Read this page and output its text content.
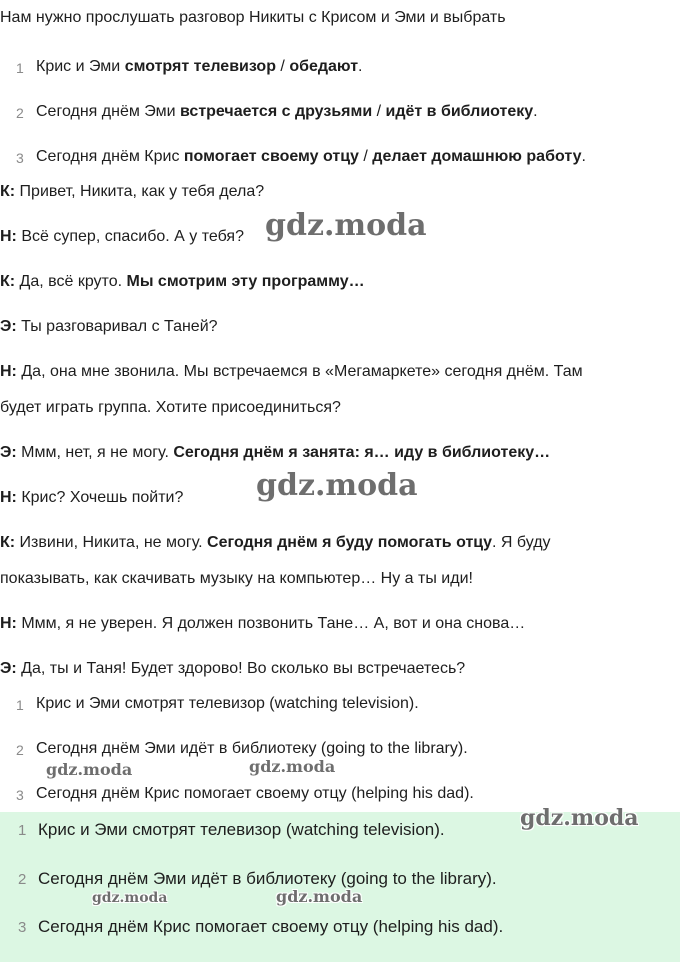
Нам нужно прослушать разговор Никиты с Крисом и Эми и выбрать
1 Крис и Эми смотрят телевизор / обедают.
2 Сегодня днём Эми встречается с друзьями / идёт в библиотеку.
3 Сегодня днём Крис помогает своему отцу / делает домашнюю работу.
К: Привет, Никита, как у тебя дела?
Н: Всё супер, спасибо. А у тебя?
К: Да, всё круто. Мы смотрим эту программу…
Э: Ты разговаривал с Таней?
Н: Да, она мне звонила. Мы встречаемся в «Мегамаркете» сегодня днём. Там
будет играть группа. Хотите присоединиться?
Э: Ммм, нет, я не могу. Сегодня днём я занята: я… иду в библиотеку…
Н: Крис? Хочешь пойти?
К: Извини, Никита, не могу. Сегодня днём я буду помогать отцу. Я буду
показывать, как скачивать музыку на компьютер… Ну а ты иди!
Н: Ммм, я не уверен. Я должен позвонить Тане… А, вот и она снова…
Э: Да, ты и Таня! Будет здорово! Во сколько вы встречаетесь?
1 Крис и Эми смотрят телевизор (watching television).
2 Сегодня днём Эми идёт в библиотеку (going to the library).
3 Сегодня днём Крис помогает своему отцу (helping his dad).
1 Крис и Эми смотрят телевизор (watching television).
2 Сегодня днём Эми идёт в библиотеку (going to the library).
3 Сегодня днём Крис помогает своему отцу (helping his dad).
gdz.moda
gdz.moda
gdz.moda	gdz.moda
gdz.moda
gdz.moda	gdz.moda
